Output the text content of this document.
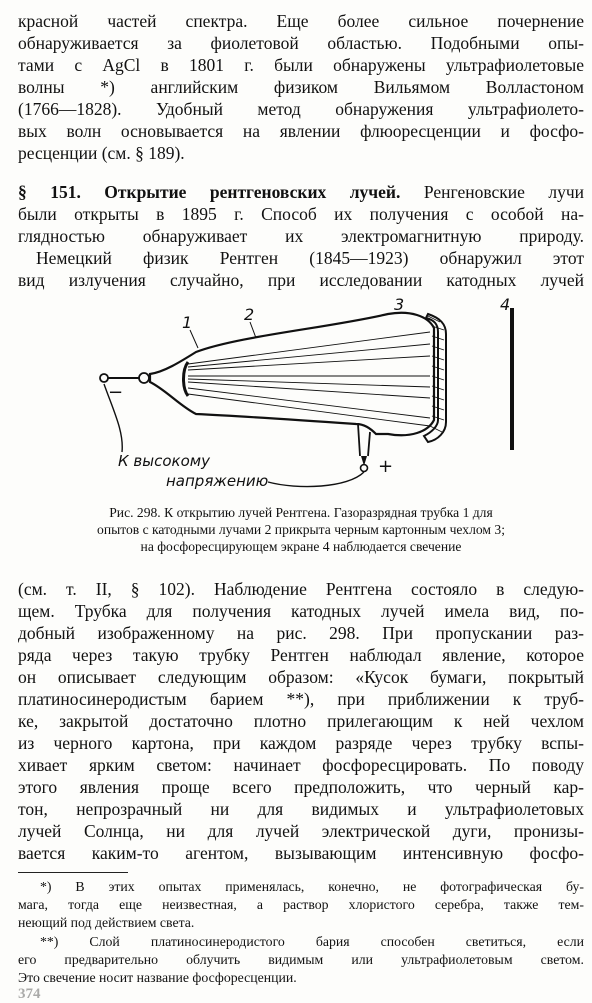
красной частей спектра. Еще более сильное почернение
обнаруживается за фиолетовой областью. Подобными опы-
тами с AgCl в 1801 г. были обнаружены ультрафиолетовые
волны *) английским физиком Вильямом Волластоном
(1766—1828). Удобный метод обнаружения ультрафиолето-
вых волн основывается на явлении флюоресценции и фосфо-
ресценции (см. § 189).
§ 151. Открытие рентгеновских лучей. Ренгеновские лучи
были открыты в 1895 г. Способ их получения с особой на-
глядностью обнаруживает их электромагнитную природу.
Немецкий физик Рентген (1845—1923) обнаружил этот
вид излучения случайно, при исследовании катодных лучей
1	2
3	4
−
+
К высокому
напряжению
Рис. 298. К открытию лучей Рентгена. Газоразрядная трубка 1 для
опытов с катодными лучами 2 прикрыта черным картонным чехлом 3;
на фосфоресцирующем экране 4 наблюдается свечение
(см. т. II, § 102). Наблюдение Рентгена состояло в следую-
щем. Трубка для получения катодных лучей имела вид, по-
добный изображенному на рис. 298. При пропускании раз-
ряда через такую трубку Рентген наблюдал явление, которое
он описывает следующим образом: «Кусок бумаги, покрытый
платиносинеродистым барием **), при приближении к труб-
ке, закрытой достаточно плотно прилегающим к ней чехлом
из черного картона, при каждом разряде через трубку вспы-
хивает ярким светом: начинает фосфоресцировать. По поводу
этого явления проще всего предположить, что черный кар-
тон, непрозрачный ни для видимых и ультрафиолетовых
лучей Солнца, ни для лучей электрической дуги, пронизы-
вается каким-то агентом, вызывающим интенсивную фосфо-
*) В этих опытах применялась, конечно, не фотографическая бу-
мага, тогда еще неизвестная, а раствор хлористого серебра, также тем-
неющий под действием света.
**) Слой платиносинеродистого бария способен светиться, если
его предварительно облучить видимым или ультрафиолетовым светом.
Это свечение носит название фосфоресценции.
374
